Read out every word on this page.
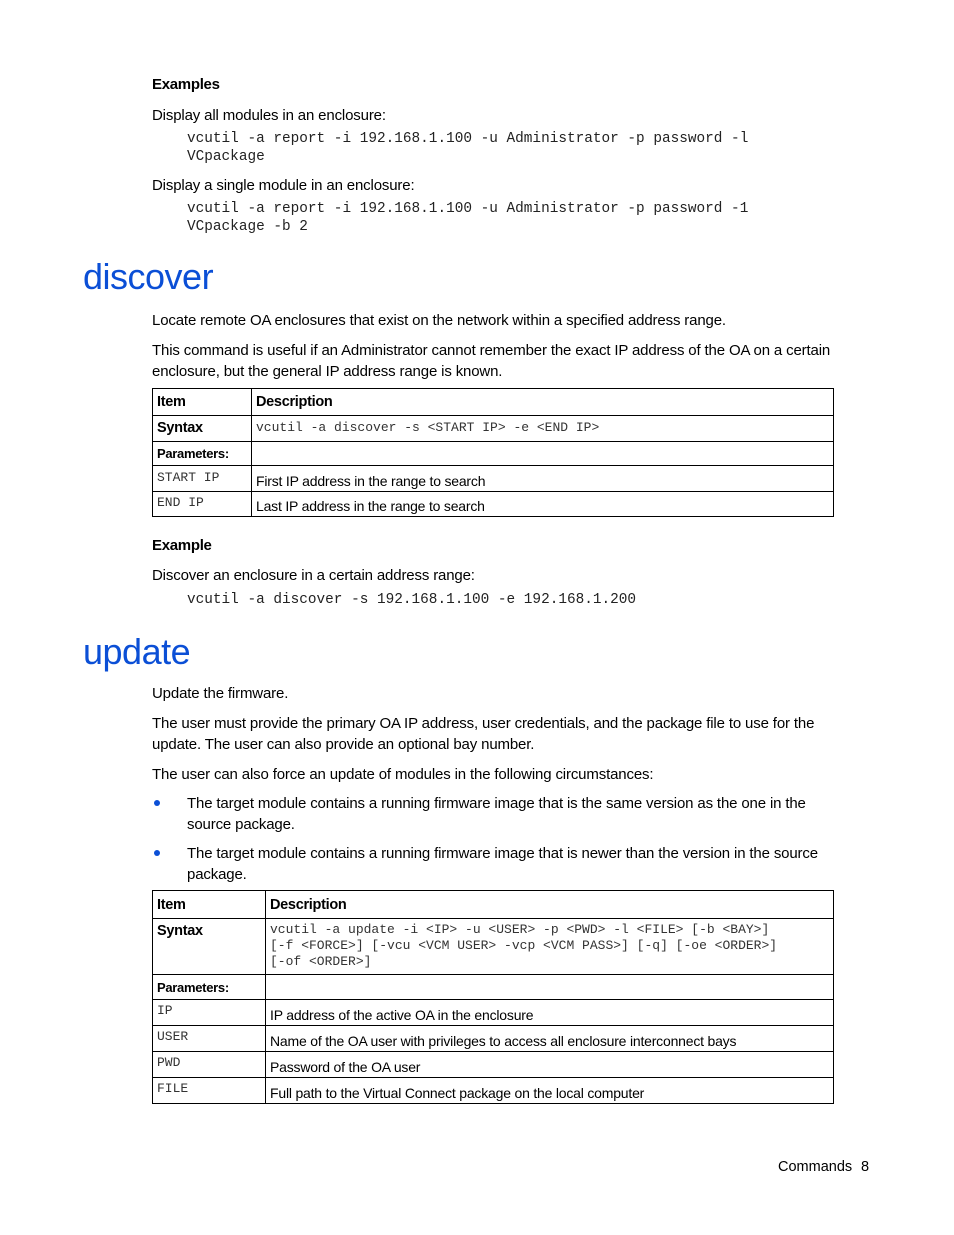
Examples
Display all modules in an enclosure:
vcutil -a report -i 192.168.1.100 -u Administrator -p password -l
VCpackage
Display a single module in an enclosure:
vcutil -a report -i 192.168.1.100 -u Administrator -p password -1
VCpackage -b 2
discover
Locate remote OA enclosures that exist on the network within a specified address range.
This command is useful if an Administrator cannot remember the exact IP address of the OA on a certain
enclosure, but the general IP address range is known.
Item	Description
Syntax	vcutil -a discover -s <START IP> -e <END IP>
Parameters:	
START IP	First IP address in the range to search
END IP	Last IP address in the range to search
Example
Discover an enclosure in a certain address range:
vcutil -a discover -s 192.168.1.100 -e 192.168.1.200
update
Update the firmware.
The user must provide the primary OA IP address, user credentials, and the package file to use for the
update. The user can also provide an optional bay number.
The user can also force an update of modules in the following circumstances:
The target module contains a running firmware image that is the same version as the one in the
source package.
The target module contains a running firmware image that is newer than the version in the source
package.
Item	Description
Syntax	vcutil -a update -i <IP> -u <USER> -p <PWD> -l <FILE> [-b <BAY>]
[-f <FORCE>] [-vcu <VCM USER> -vcp <VCM PASS>] [-q] [-oe <ORDER>]
[-of <ORDER>]

Parameters:	
IP	IP address of the active OA in the enclosure
USER	Name of the OA user with privileges to access all enclosure interconnect bays
PWD	Password of the OA user
FILE	Full path to the Virtual Connect package on the local computer
Commands 8
